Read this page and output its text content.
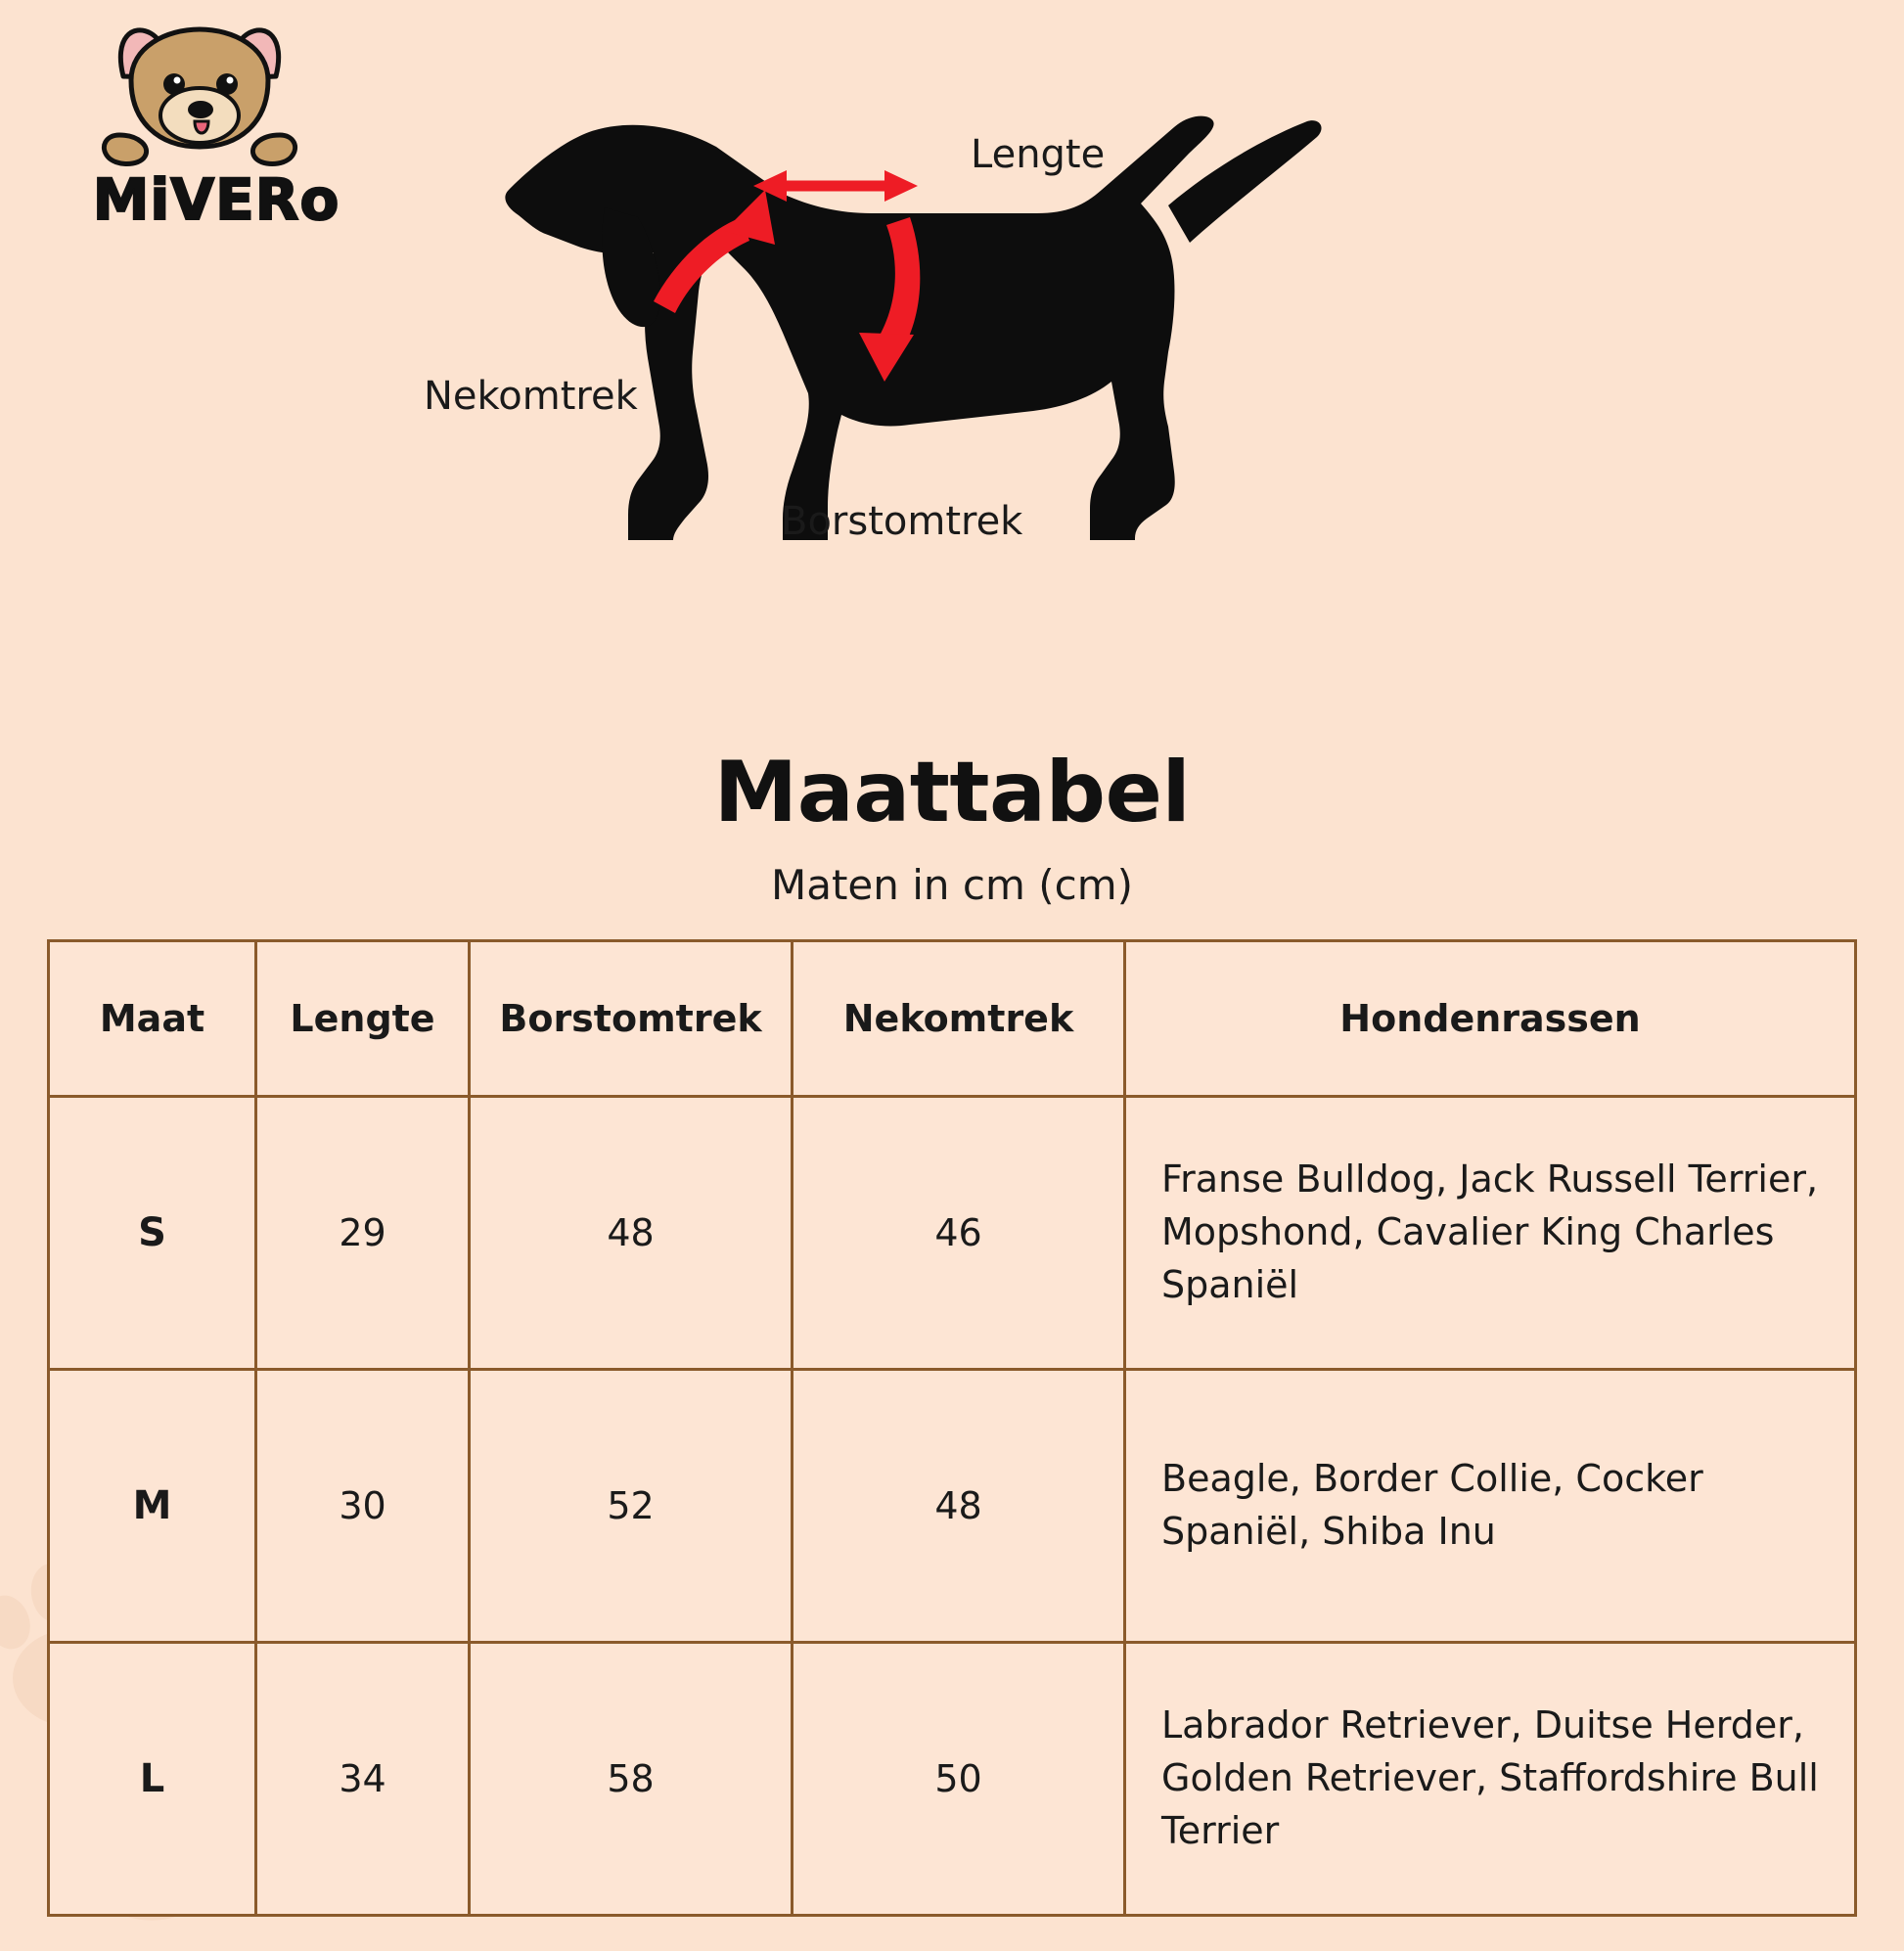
MiVERo
Lengte
Nekomtrek
Borstomtrek
Maattabel
Maten in cm (cm)
Maat	Lengte	Borstomtrek	Nekomtrek	Hondenrassen
S	29	48	46	Franse Bulldog, Jack Russell Terrier, Mopshond, Cavalier King Charles Spaniël
M	30	52	48	Beagle, Border Collie, Cocker Spaniël, Shiba Inu
L	34	58	50	Labrador Retriever, Duitse Herder, Golden Retriever, Staffordshire Bull Terrier
